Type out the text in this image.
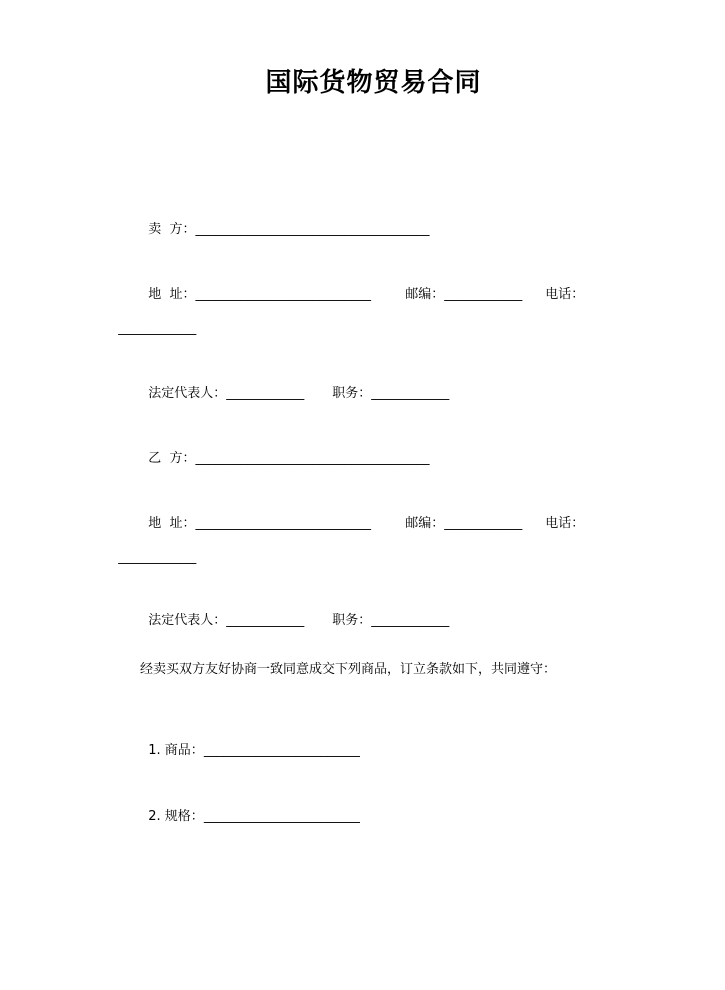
国际货物贸易合同

卖  方：____________________________________

地  址：___________________________	邮编：____________	电话：

____________

法定代表人：____________	职务：____________

乙  方：____________________________________

地  址：___________________________	邮编：____________	电话：

____________

法定代表人：____________	职务：____________

经卖买双方友好协商一致同意成交下列商品，订立条款如下，共同遵守：

1. 商品：________________________

2. 规格：________________________
